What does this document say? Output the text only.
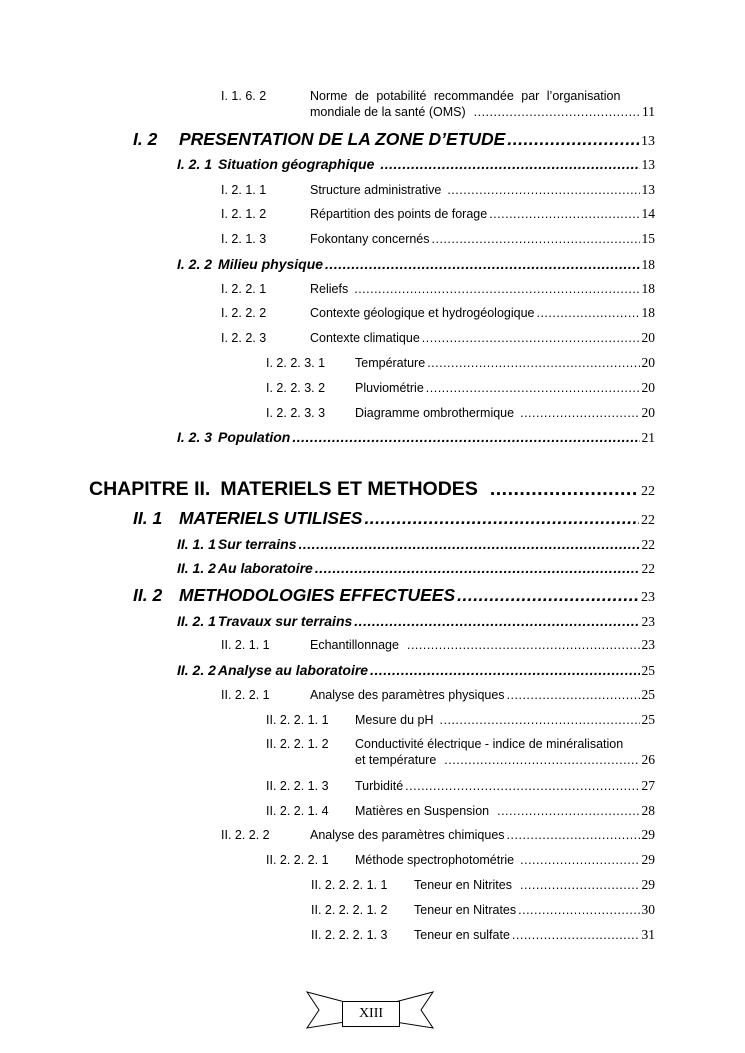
I. 1. 6. 2	Norme de potabilité recommandée par l’organisation
mondiale de la santé (OMS) .....	11
I. 2	PRESENTATION DE LA ZONE D’ETUDE .....	13
I. 2. 1 Situation géographique .....	13
I. 2. 1. 1	Structure administrative .....	13
I. 2. 1. 2	Répartition des points de forage .....	14
I. 2. 1. 3	Fokontany concernés .....	15
I. 2. 2 Milieu physique .....	18
I. 2. 2. 1	Reliefs .....	18
I. 2. 2. 2	Contexte géologique et hydrogéologique .....	18
I. 2. 2. 3	Contexte climatique .....	20
I. 2. 2. 3. 1	Température .....	20
I. 2. 2. 3. 2	Pluviométrie .....	20
I. 2. 2. 3. 3	Diagramme ombrothermique .....	20
I. 2. 3 Population .....	21
CHAPITRE II. MATERIELS ET METHODES .....	22
II. 1 MATERIELS UTILISES .....	22
II. 1. 1 Sur terrains .....	22
II. 1. 2 Au laboratoire .....	22
II. 2 METHODOLOGIES EFFECTUEES .....	23
II. 2. 1 Travaux sur terrains .....	23
II. 2. 1. 1	Echantillonnage .....	23
II. 2. 2 Analyse au laboratoire .....	25
II. 2. 2. 1	Analyse des paramètres physiques .....	25
II. 2. 2. 1. 1	Mesure du pH .....	25
II. 2. 2. 1. 2	Conductivité électrique - indice de minéralisation
et température .....	26
II. 2. 2. 1. 3	Turbidité .....	27
II. 2. 2. 1. 4	Matières en Suspension .....	28
II. 2. 2. 2	Analyse des paramètres chimiques .....	29
II. 2. 2. 2. 1	Méthode spectrophotométrie .....	29
II. 2. 2. 2. 1. 1	Teneur en Nitrites .....	29
II. 2. 2. 2. 1. 2	Teneur en Nitrates .....	30
II. 2. 2. 2. 1. 3	Teneur en sulfate .....	31
XIII
